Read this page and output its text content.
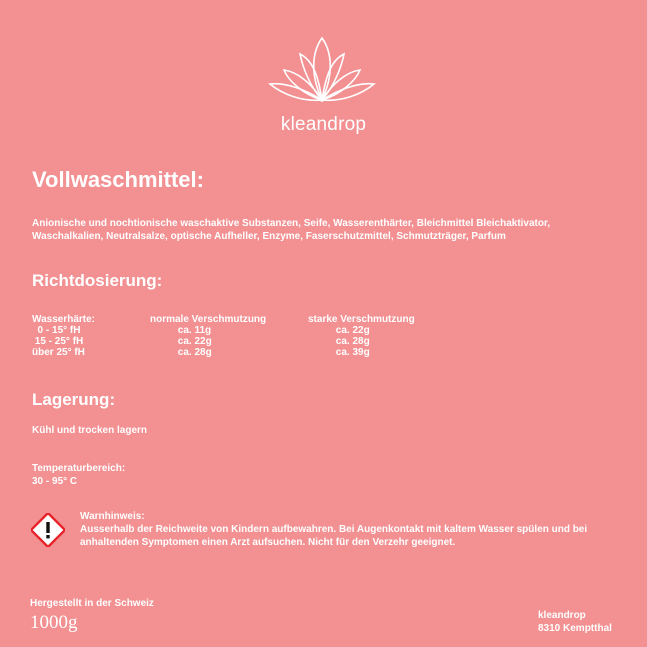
kleandrop
Vollwaschmittel:
Anionische und nochtionische waschaktive Substanzen, Seife, Wasserenthärter, Bleichmittel Bleichaktivator, Waschalkalien, Neutralsalze, optische Aufheller, Enzyme, Faserschutzmittel, Schmutzträger, Parfum
Richtdosierung:
Wasserhärte:	normale Verschmutzung	starke Verschmutzung
0 - 15° fH	ca. 11g	ca. 22g
15 - 25° fH	ca. 22g	ca. 28g
über 25° fH	ca. 28g	ca. 39g
Lagerung:
Kühl und trocken lagern
Temperaturbereich:
30 - 95° C
Warnhinweis:
Ausserhalb der Reichweite von Kindern aufbewahren. Bei Augenkontakt mit kaltem Wasser spülen und bei anhaltenden Symptomen einen Arzt aufsuchen. Nicht für den Verzehr geeignet.
Hergestellt in der Schweiz
1000g	kleandrop
8310 Kemptthal
